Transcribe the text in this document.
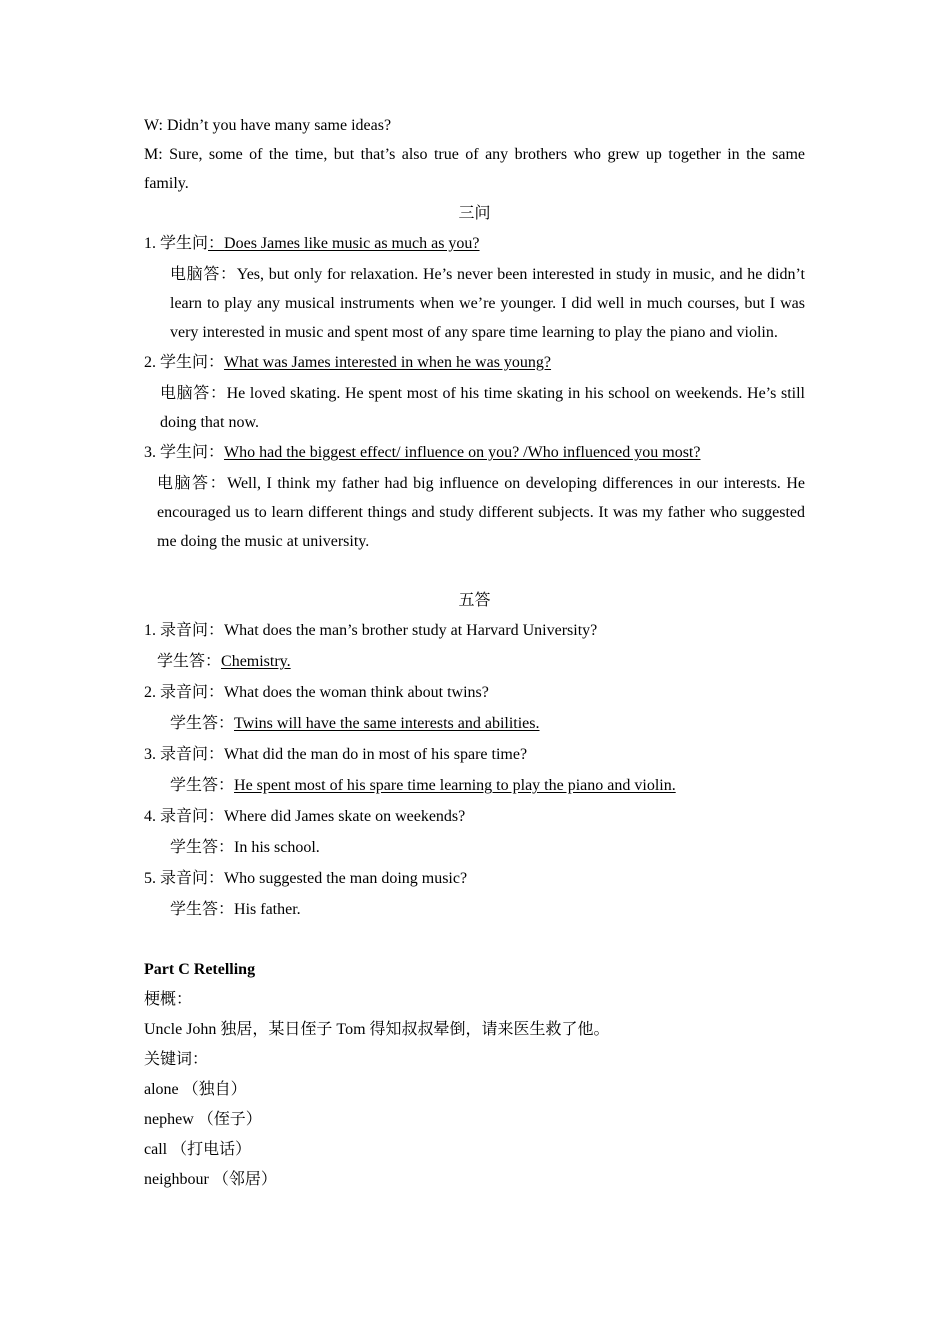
W: Didn’t you have many same ideas?

M: Sure, some of the time, but that’s also true of any brothers who grew up together in the same family.

三问

1. 学生问：Does James like music as much as you?

电脑答：Yes, but only for relaxation. He’s never been interested in study in music, and he didn’t learn to play any musical instruments when we’re younger. I did well in much courses, but I was very interested in music and spent most of any spare time learning to play the piano and violin.

2. 学生问：What was James interested in when he was young?

电脑答：He loved skating. He spent most of his time skating in his school on weekends. He’s still doing that now.

3. 学生问：Who had the biggest effect/ influence on you? /Who influenced you most?

电脑答：Well, I think my father had big influence on developing differences in our interests. He encouraged us to learn different things and study different subjects. It was my father who suggested me doing the music at university.

五答

1. 录音问：What does the man’s brother study at Harvard University?

学生答：Chemistry.

2. 录音问：What does the woman think about twins?

学生答：Twins will have the same interests and abilities.

3. 录音问：What did the man do in most of his spare time?

学生答：He spent most of his spare time learning to play the piano and violin.

4. 录音问：Where did James skate on weekends?

学生答：In his school.

5. 录音问：Who suggested the man doing music?

学生答：His father.

Part C Retelling

梗概：

Uncle John 独居，某日侄子 Tom 得知叔叔晕倒，请来医生救了他。

关键词：

alone （独自）

nephew （侄子）

call （打电话）

neighbour （邻居）
